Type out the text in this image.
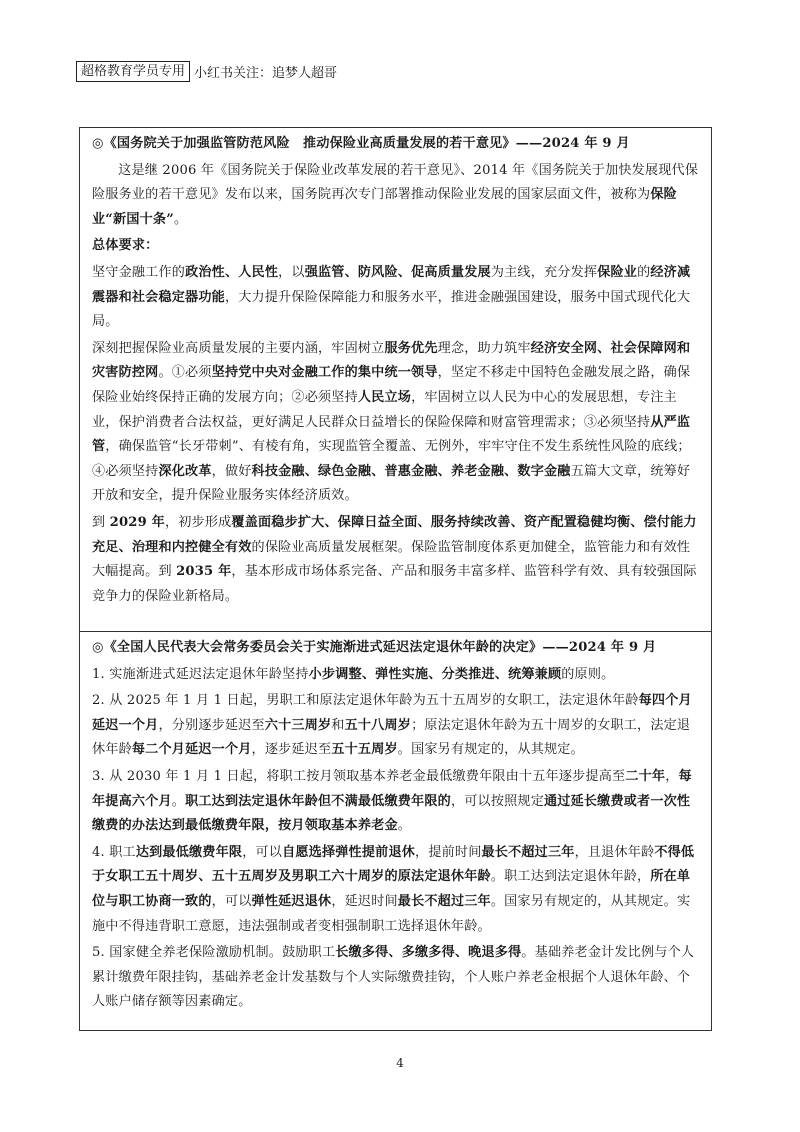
超格教育学员专用 小红书关注：追梦人超哥

◎《国务院关于加强监管防范风险　推动保险业高质量发展的若干意见》——2024 年 9 月

这是继 2006 年《国务院关于保险业改革发展的若干意见》、2014 年《国务院关于加快发展现代保险服务业的若干意见》发布以来，国务院再次专门部署推动保险业发展的国家层面文件，被称为保险业“新国十条”。

总体要求：

坚守金融工作的政治性、人民性，以强监管、防风险、促高质量发展为主线，充分发挥保险业的经济减震器和社会稳定器功能，大力提升保险保障能力和服务水平，推进金融强国建设，服务中国式现代化大局。

深刻把握保险业高质量发展的主要内涵，牢固树立服务优先理念，助力筑牢经济安全网、社会保障网和灾害防控网。①必须坚持党中央对金融工作的集中统一领导，坚定不移走中国特色金融发展之路，确保保险业始终保持正确的发展方向；②必须坚持人民立场，牢固树立以人民为中心的发展思想，专注主业，保护消费者合法权益，更好满足人民群众日益增长的保险保障和财富管理需求；③必须坚持从严监管，确保监管“长牙带刺”、有棱有角，实现监管全覆盖、无例外，牢牢守住不发生系统性风险的底线；④必须坚持深化改革，做好科技金融、绿色金融、普惠金融、养老金融、数字金融五篇大文章，统筹好开放和安全，提升保险业服务实体经济质效。

到 2029 年，初步形成覆盖面稳步扩大、保障日益全面、服务持续改善、资产配置稳健均衡、偿付能力充足、治理和内控健全有效的保险业高质量发展框架。保险监管制度体系更加健全，监管能力和有效性大幅提高。到 2035 年，基本形成市场体系完备、产品和服务丰富多样、监管科学有效、具有较强国际竞争力的保险业新格局。

◎《全国人民代表大会常务委员会关于实施渐进式延迟法定退休年龄的决定》——2024 年 9 月

1. 实施渐进式延迟法定退休年龄坚持小步调整、弹性实施、分类推进、统筹兼顾的原则。

2. 从 2025 年 1 月 1 日起，男职工和原法定退休年龄为五十五周岁的女职工，法定退休年龄每四个月延迟一个月，分别逐步延迟至六十三周岁和五十八周岁；原法定退休年龄为五十周岁的女职工，法定退休年龄每二个月延迟一个月，逐步延迟至五十五周岁。国家另有规定的，从其规定。

3. 从 2030 年 1 月 1 日起，将职工按月领取基本养老金最低缴费年限由十五年逐步提高至二十年，每年提高六个月。职工达到法定退休年龄但不满最低缴费年限的，可以按照规定通过延长缴费或者一次性缴费的办法达到最低缴费年限，按月领取基本养老金。

4. 职工达到最低缴费年限，可以自愿选择弹性提前退休，提前时间最长不超过三年，且退休年龄不得低于女职工五十周岁、五十五周岁及男职工六十周岁的原法定退休年龄。职工达到法定退休年龄，所在单位与职工协商一致的，可以弹性延迟退休，延迟时间最长不超过三年。国家另有规定的，从其规定。实施中不得违背职工意愿，违法强制或者变相强制职工选择退休年龄。

5. 国家健全养老保险激励机制。鼓励职工长缴多得、多缴多得、晚退多得。基础养老金计发比例与个人累计缴费年限挂钩，基础养老金计发基数与个人实际缴费挂钩，个人账户养老金根据个人退休年龄、个人账户储存额等因素确定。

4
